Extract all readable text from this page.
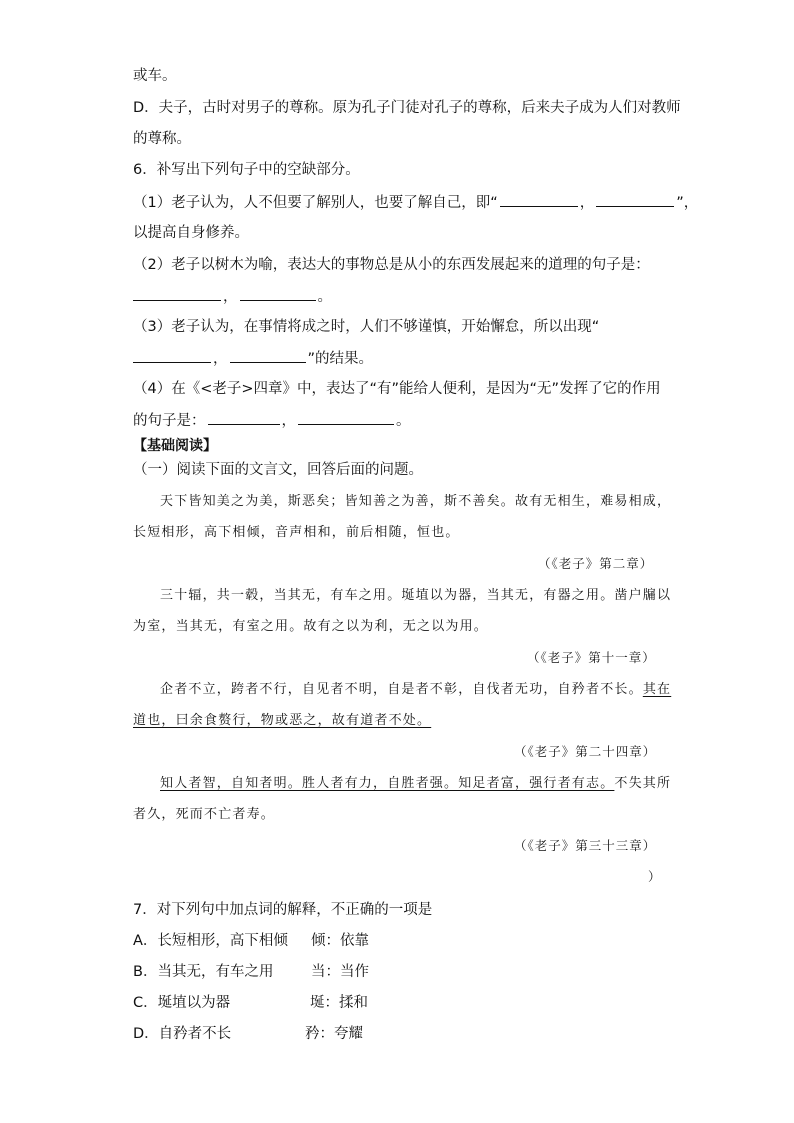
或车。
D．夫子，古时对男子的尊称。原为孔子门徒对孔子的尊称，后来夫子成为人们对教师
的尊称。
6．补写出下列句子中的空缺部分。
（1）老子认为，人不但要了解别人，也要了解自己，即“	，	”，
以提高自身修养。
（2）老子以树木为喻，表达大的事物总是从小的东西发展起来的道理的句子是：
，	。
（3）老子认为，在事情将成之时，人们不够谨慎，开始懈怠，所以出现“
，	”的结果。
（4）在《<老子>四章》中，表达了“有”能给人便利，是因为“无”发挥了它的作用
的句子是：	，	。
【基础阅读】
（一）阅读下面的文言文，回答后面的问题。
天下皆知美之为美，斯恶矣；皆知善之为善，斯不善矣。故有无相生，难易相成，
长短相形，高下相倾，音声相和，前后相随，恒也。
（《老子》第二章）
三十辐，共一毂，当其无，有车之用。埏埴以为器，当其无，有器之用。凿户牖以
为室，当其无，有室之用。故有之以为利，无之以为用。
（《老子》第十一章）
企者不立，跨者不行，自见者不明，自是者不彰，自伐者无功，自矜者不长。其在
道也，曰余食赘行，物或恶之，故有道者不处。
（《老子》第二十四章）
知人者智，自知者明。胜人者有力，自胜者强。知足者富，强行者有志。不失其所
者久，死而不亡者寿。
（《老子》第三十三章）
）
7．对下列句中加点词的解释，不正确的一项是
A．长短相形，高下相倾 倾：依靠
B．当其无，有车之用	当：当作
C．埏埴以为器	埏：揉和
D．自矜者不长	矜：夸耀
